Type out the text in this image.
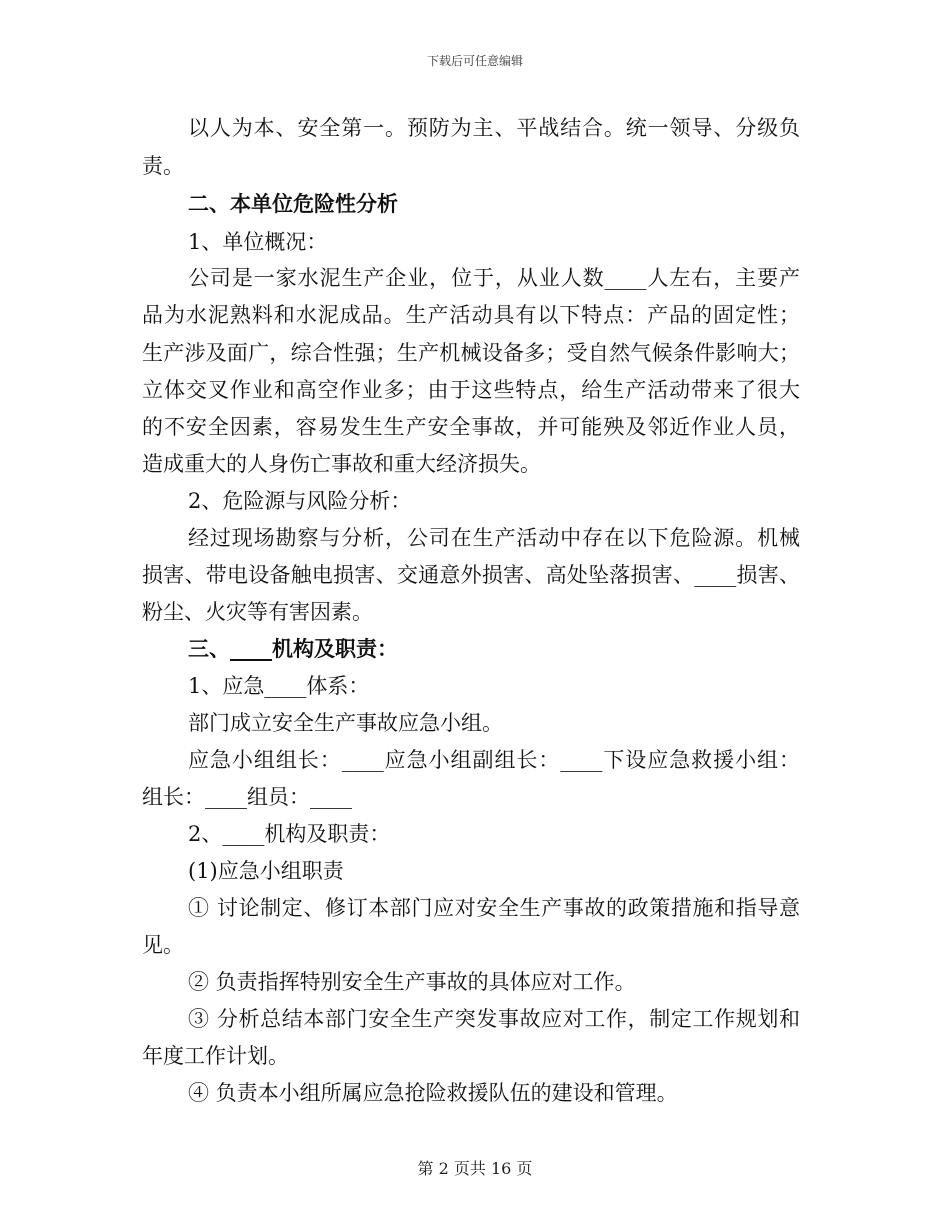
下载后可任意编辑
以人为本、安全第一。预防为主、平战结合。统一领导、分级负
责。
二、本单位危险性分析
1、单位概况：
公司是一家水泥生产企业，位于，从业人数____人左右，主要产
品为水泥熟料和水泥成品。生产活动具有以下特点：产品的固定性；
生产涉及面广，综合性强；生产机械设备多；受自然气候条件影响大；
立体交叉作业和高空作业多；由于这些特点，给生产活动带来了很大
的不安全因素，容易发生生产安全事故，并可能殃及邻近作业人员，
造成重大的人身伤亡事故和重大经济损失。
2、危险源与风险分析：
经过现场勘察与分析，公司在生产活动中存在以下危险源。机械
损害、带电设备触电损害、交通意外损害、高处坠落损害、____损害、
粉尘、火灾等有害因素。
三、____机构及职责：
1、应急____体系：
部门成立安全生产事故应急小组。
应急小组组长：____应急小组副组长：____下设应急救援小组：
组长：____组员：____
2、____机构及职责：
(1)应急小组职责
① 讨论制定、修订本部门应对安全生产事故的政策措施和指导意
见。
② 负责指挥特别安全生产事故的具体应对工作。
③ 分析总结本部门安全生产突发事故应对工作，制定工作规划和
年度工作计划。
④ 负责本小组所属应急抢险救援队伍的建设和管理。
第 2 页共 16 页
